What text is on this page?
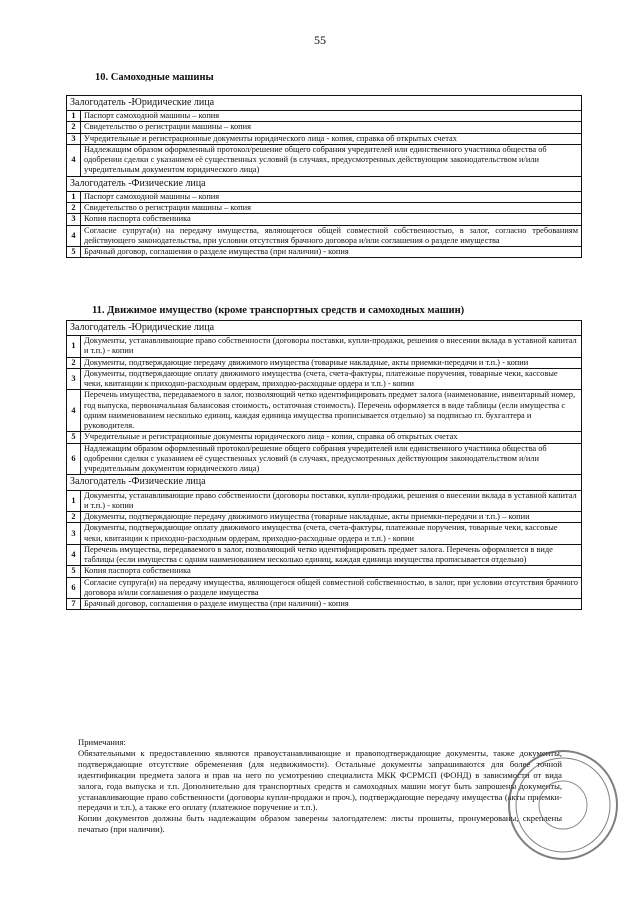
55
10. Самоходные машины
Залогодатель -Юридические лица	
1	Паспорт самоходной машины – копия
2	Свидетельство о регистрации машины – копия
3	Учредительные и регистрационные документы юридического лица - копия, справка об открытых счетах
4	Надлежащим образом оформленный протокол/решение общего собрания учредителей или единственного участника общества об одобрении сделки с указанием её существенных условий (в случаях, предусмотренных действующим законодательством и/или учредительным документом юридического лица)
Залогодатель -Физические лица	
1	Паспорт самоходной машины – копия
2	Свидетельство о регистрации машины – копия
3	Копия паспорта собственника
4	Согласие супруга(и) на передачу имущества, являющегося общей совместной собственностью, в залог, согласно требованиям действующего законодательства, при условии отсутствия брачного договора и/или соглашения о разделе имущества
5	Брачный договор, соглашения о разделе имущества (при наличии) - копия
11. Движимое имущество (кроме транспортных средств и самоходных машин)
Залогодатель -Юридические лица	
1	Документы, устанавливающие право собственности (договоры поставки, купли-продажи, решения о внесении вклада в уставной капитал и т.п.) - копии
2	Документы, подтверждающие передачу движимого имущества (товарные накладные, акты приемки-передачи и т.п.) - копии
3	Документы, подтверждающие оплату движимого имущества (счета, счета-фактуры, платежные поручения, товарные чеки, кассовые чеки, квитанции к приходно-расходным ордерам, приходно-расходные ордера и т.п.) - копии
4	Перечень имущества, передаваемого в залог, позволяющий четко идентифицировать предмет залога (наименование, инвентарный номер, год выпуска, первоначальная балансовая стоимость, остаточная стоимость). Перечень оформляется в виде таблицы (если имущества с одним наименованием несколько единиц, каждая единица имущества прописывается отдельно) за подписью гл. бухгалтера и руководителя.
5	Учредительные и регистрационные документы юридического лица - копии, справка об открытых счетах
6	Надлежащим образом оформленный протокол/решение общего собрания учредителей или единственного участника общества об одобрении сделки с указанием её существенных условий (в случаях, предусмотренных действующим законодательством и/или учредительным документом юридического лица)
Залогодатель -Физические лица	
1	Документы, устанавливающие право собственности (договоры поставки, купли-продажи, решения о внесении вклада в уставной капитал и т.п.) - копии
2	Документы, подтверждающие передачу движимого имущества (товарные накладные, акты приемки-передачи и т.п.) – копии
3	Документы, подтверждающие оплату движимого имущества (счета, счета-фактуры, платежные поручения, товарные чеки, кассовые чеки, квитанции к приходно-расходным ордерам, приходно-расходные ордера и т.п.) - копии
4	Перечень имущества, передаваемого в залог, позволяющий четко идентифицировать предмет залога. Перечень оформляется в виде таблицы (если имущества с одним наименованием несколько единиц, каждая единица имущества прописывается отдельно)
5	Копия паспорта собственника
6	Согласие супруга(и) на передачу имущества, являющегося общей совместной собственностью, в залог, при условии отсутствия брачного договора и/или соглашения о разделе имущества
7	Брачный договор, соглашения о разделе имущества (при наличии) - копия

Примечания:

Обязательными к предоставлению являются правоустанавливающие и правоподтверждающие документы, также документы, подтверждающие отсутствие обременения (для недвижимости). Остальные документы запрашиваются для более точной идентификации предмета залога и прав на него по усмотрению специалиста МКК ФСРМСП (ФОНД) в зависимости от вида залога, года выпуска и т.п. Дополнительно для транспортных средств и самоходных машин могут быть запрошены документы, устанавливающие право собственности (договоры купли-продажи и проч.), подтверждающие передачу имущества (акты приемки-передачи и т.п.), а также его оплату (платежное поручение и т.п.).

Копии документов должны быть надлежащим образом заверены залогодателем: листы прошиты, пронумерованы, скреплены печатью (при наличии).
